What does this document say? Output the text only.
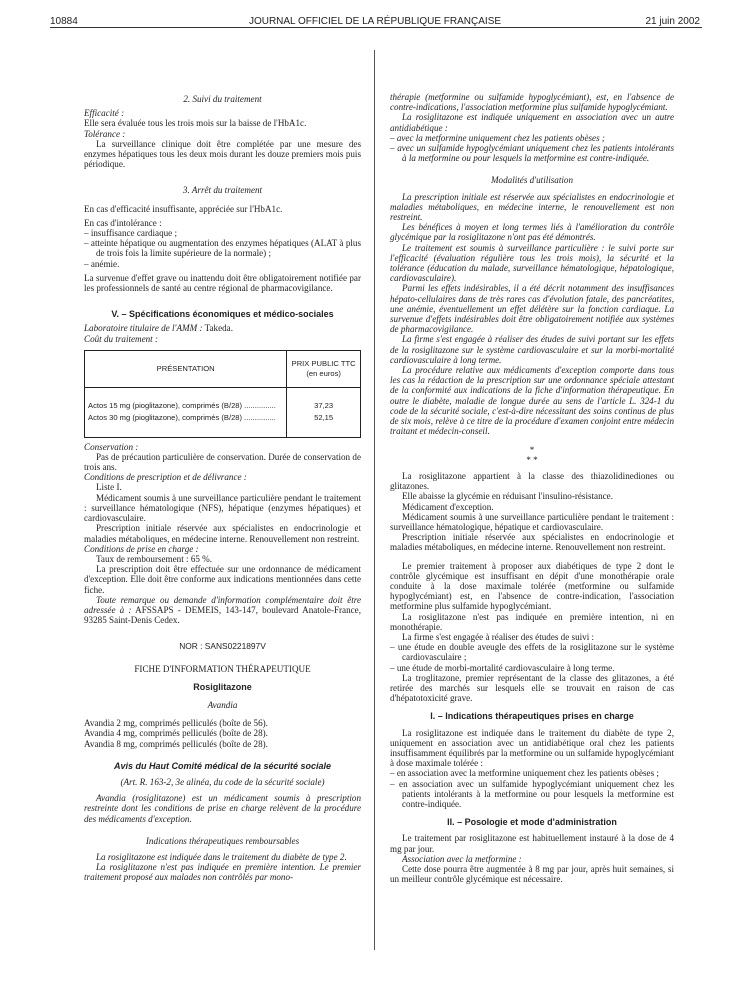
10884	JOURNAL OFFICIEL DE LA RÉPUBLIQUE FRANÇAISE	21 juin 2002

2. Suivi du traitement

Efficacité :

Elle sera évaluée tous les trois mois sur la baisse de l'HbA1c.

Tolérance :

La surveillance clinique doit être complétée par une mesure des enzymes hépatiques tous les deux mois durant les douze premiers mois puis périodique.

3. Arrêt du traitement

En cas d'efficacité insuffisante, appréciée sur l'HbA1c.

En cas d'intolérance :

– insuffisance cardiaque ;

– atteinte hépatique ou augmentation des enzymes hépatiques (ALAT à plus de trois fois la limite supérieure de la normale) ;

– anémie.

La survenue d'effet grave ou inattendu doit être obligatoirement notifiée par les professionnels de santé au centre régional de pharmacovigilance.

V. – Spécifications économiques et médico-sociales

Laboratoire titulaire de l'AMM : Takeda.

Coût du traitement :

PRÉSENTATION	PRIX PUBLIC TTC
(en euros)

Actos 15 mg (pioglitazone), comprimés (B/28) ...............	37,23
Actos 30 mg (pioglitazone), comprimés (B/28) ...............	52,15

Conservation :

Pas de précaution particulière de conservation. Durée de conservation de trois ans.

Conditions de prescription et de délivrance :

Liste I.

Médicament soumis à une surveillance particulière pendant le traitement : surveillance hématologique (NFS), hépatique (enzymes hépatiques) et cardiovasculaire.

Prescription initiale réservée aux spécialistes en endocrinologie et maladies métaboliques, en médecine interne. Renouvellement non restreint.

Conditions de prise en charge :

Taux de remboursement : 65 %.

La prescription doit être effectuée sur une ordonnance de médicament d'exception. Elle doit être conforme aux indications mentionnées dans cette fiche.

Toute remarque ou demande d'information complémentaire doit être adressée à : AFSSAPS - DEMEIS, 143-147, boulevard Anatole-France, 93285 Saint-Denis Cedex.

NOR : SANS0221897V

FICHE D'INFORMATION THÉRAPEUTIQUE

Rosiglitazone

Avandia

Avandia 2 mg, comprimés pelliculés (boîte de 56).

Avandia 4 mg, comprimés pelliculés (boîte de 28).

Avandia 8 mg, comprimés pelliculés (boîte de 28).

Avis du Haut Comité médical de la sécurité sociale

(Art. R. 163-2, 3e alinéa, du code de la sécurité sociale)

Avandia (rosiglitazone) est un médicament soumis à prescription restreinte dont les conditions de prise en charge relèvent de la procédure des médicaments d'exception.

Indications thérapeutiques remboursables

La rosiglitazone est indiquée dans le traitement du diabète de type 2.

La rosiglitazone n'est pas indiquée en première intention. Le premier traitement proposé aux malades non contrôlés par mono-

thérapie (metformine ou sulfamide hypoglycémiant), est, en l'absence de contre-indications, l'association metformine plus sulfamide hypoglycémiant.

La rosiglitazone est indiquée uniquement en association avec un autre antidiabétique :

– avec la metformine uniquement chez les patients obèses ;

– avec un sulfamide hypoglycémiant uniquement chez les patients intolérants à la metformine ou pour lesquels la metformine est contre-indiquée.

Modalités d'utilisation

La prescription initiale est réservée aux spécialistes en endocrinologie et maladies métaboliques, en médecine interne, le renouvellement est non restreint.

Les bénéfices à moyen et long termes liés à l'amélioration du contrôle glycémique par la rosiglitazone n'ont pas été démontrés.

Le traitement est soumis à surveillance particulière : le suivi porte sur l'efficacité (évaluation régulière tous les trois mois), la sécurité et la tolérance (éducation du malade, surveillance hématologique, hépatologique, cardiovasculaire).

Parmi les effets indésirables, il a été décrit notamment des insuffisances hépato-cellulaires dans de très rares cas d'évolution fatale, des pancréatites, une anémie, éventuellement un effet délétère sur la fonction cardiaque. La survenue d'effets indésirables doit être obligatoirement notifiée aux systèmes de pharmacovigilance.

La firme s'est engagée à réaliser des études de suivi portant sur les effets de la rosiglitazone sur le système cardiovasculaire et sur la morbi-mortalité cardiovasculaire à long terme.

La procédure relative aux médicaments d'exception comporte dans tous les cas la rédaction de la prescription sur une ordonnance spéciale attestant de la conformité aux indications de la fiche d'information thérapeutique. En outre le diabète, maladie de longue durée au sens de l'article L. 324-1 du code de la sécurité sociale, c'est-à-dire nécessitant des soins continus de plus de six mois, relève à ce titre de la procédure d'examen conjoint entre médecin traitant et médecin-conseil.

*

* *

La rosiglitazone appartient à la classe des thiazolidinediones ou glitazones.

Elle abaisse la glycémie en réduisant l'insulino-résistance.

Médicament d'exception.

Médicament soumis à une surveillance particulière pendant le traitement : surveillance hématologique, hépatique et cardiovasculaire.

Prescription initiale réservée aux spécialistes en endocrinologie et maladies métaboliques, en médecine interne. Renouvellement non restreint.

Le premier traitement à proposer aux diabétiques de type 2 dont le contrôle glycémique est insuffisant en dépit d'une monothérapie orale conduite à la dose maximale tolérée (metformine ou sulfamide hypoglycémiant) est, en l'absence de contre-indication, l'association metformine plus sulfamide hypoglycémiant.

La rosiglitazone n'est pas indiquée en première intention, ni en monothérapie.

La firme s'est engagée à réaliser des études de suivi :

– une étude en double aveugle des effets de la rosiglitazone sur le système cardiovasculaire ;

– une étude de morbi-mortalité cardiovasculaire à long terme.

La troglitazone, premier représentant de la classe des glitazones, a été retirée des marchés sur lesquels elle se trouvait en raison de cas d'hépatotoxicité grave.

I. – Indications thérapeutiques prises en charge

La rosiglitazone est indiquée dans le traitement du diabète de type 2, uniquement en association avec un antidiabétique oral chez les patients insuffisamment équilibrés par la metformine ou un sulfamide hypoglycémiant à dose maximale tolérée :

– en association avec la metformine uniquement chez les patients obèses ;

– en association avec un sulfamide hypoglycémiant uniquement chez les patients intolérants à la metformine ou pour lesquels la metformine est contre-indiquée.

II. – Posologie et mode d'administration

Le traitement par rosiglitazone est habituellement instauré à la dose de 4 mg par jour.

Association avec la metformine :

Cette dose pourra être augmentée à 8 mg par jour, après huit semaines, si un meilleur contrôle glycémique est nécessaire.
